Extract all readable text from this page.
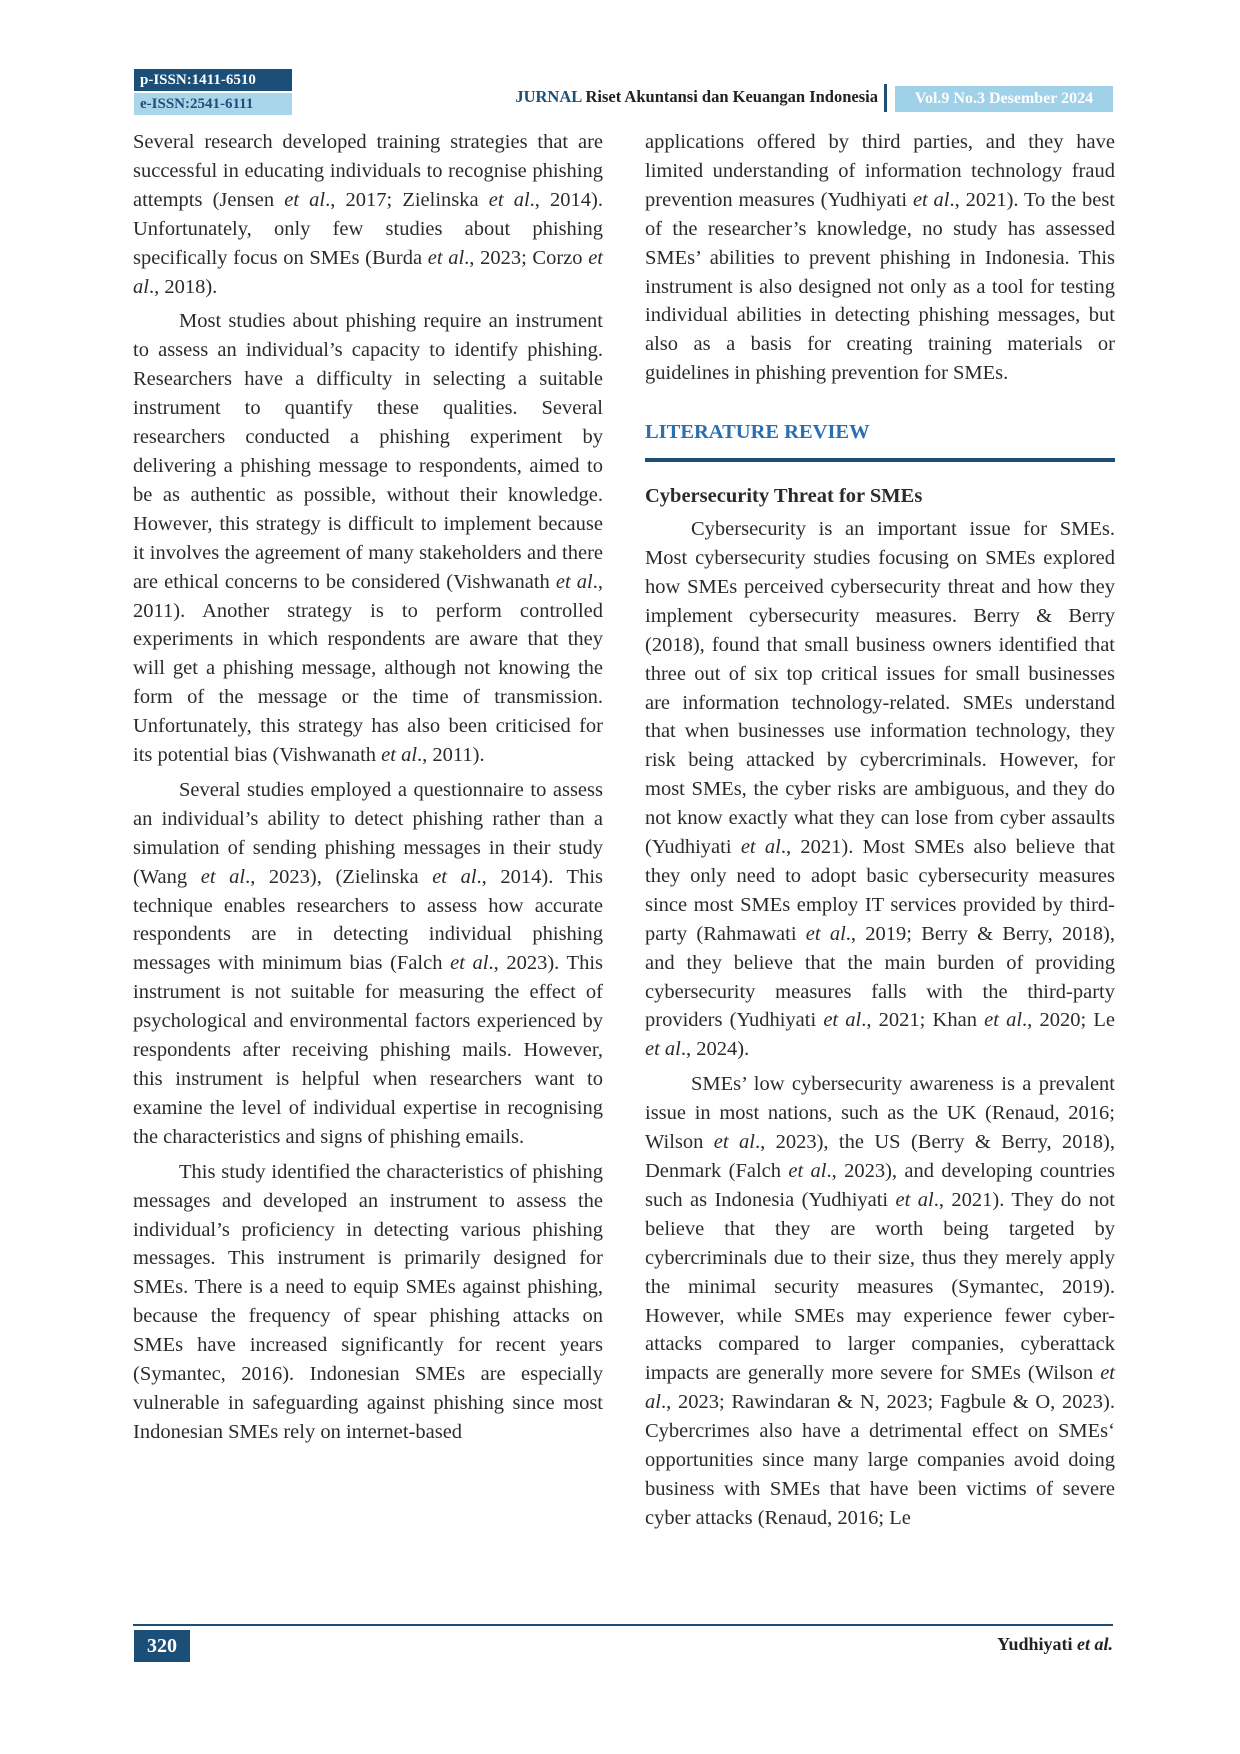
p-ISSN:1411-6510
e-ISSN:2541-6111	JURNAL Riset Akuntansi dan Keuangan Indonesia	Vol.9 No.3 Desember 2024

Several research developed training strategies that are successful in educating individuals to recognise phishing attempts (Jensen et al., 2017; Zielinska et al., 2014). Unfortunately, only few studies about phishing specifically focus on SMEs (Burda et al., 2023; Corzo et al., 2018).

Most studies about phishing require an instrument to assess an individual’s capacity to identify phishing. Researchers have a difficulty in selecting a suitable instrument to quantify these qualities. Several researchers conducted a phishing experiment by delivering a phishing message to respondents, aimed to be as authentic as possible, without their knowledge. However, this strategy is difficult to implement because it involves the agreement of many stakeholders and there are ethical concerns to be considered (Vishwanath et al., 2011). Another strategy is to perform controlled experiments in which respondents are aware that they will get a phishing message, although not knowing the form of the message or the time of transmission. Unfortunately, this strategy has also been criticised for its potential bias (Vishwanath et al., 2011).

Several studies employed a questionnaire to assess an individual’s ability to detect phishing rather than a simulation of sending phishing messages in their study (Wang et al., 2023), (Zielinska et al., 2014). This technique enables researchers to assess how accurate respondents are in detecting individual phishing messages with minimum bias (Falch et al., 2023). This instrument is not suitable for measuring the effect of psychological and environmental factors experienced by respondents after receiving phishing mails. However, this instrument is helpful when researchers want to examine the level of individual expertise in recognising the characteristics and signs of phishing emails.

This study identified the characteristics of phishing messages and developed an instrument to assess the individual’s proficiency in detecting various phishing messages. This instrument is primarily designed for SMEs. There is a need to equip SMEs against phishing, because the frequency of spear phishing attacks on SMEs have increased significantly for recent years (Symantec, 2016). Indonesian SMEs are especially vulnerable in safeguarding against phishing since most Indonesian SMEs rely on internet-based

applications offered by third parties, and they have limited understanding of information technology fraud prevention measures (Yudhiyati et al., 2021). To the best of the researcher’s knowledge, no study has assessed SMEs’ abilities to prevent phishing in Indonesia. This instrument is also designed not only as a tool for testing individual abilities in detecting phishing messages, but also as a basis for creating training materials or guidelines in phishing prevention for SMEs.

LITERATURE REVIEW
Cybersecurity Threat for SMEs

Cybersecurity is an important issue for SMEs. Most cybersecurity studies focusing on SMEs explored how SMEs perceived cybersecurity threat and how they implement cybersecurity measures. Berry & Berry (2018), found that small business owners identified that three out of six top critical issues for small businesses are information technology-related. SMEs understand that when businesses use information technology, they risk being attacked by cybercriminals. However, for most SMEs, the cyber risks are ambiguous, and they do not know exactly what they can lose from cyber assaults (Yudhiyati et al., 2021). Most SMEs also believe that they only need to adopt basic cybersecurity measures since most SMEs employ IT services provided by third-party (Rahmawati et al., 2019; Berry & Berry, 2018), and they believe that the main burden of providing cybersecurity measures falls with the third-party providers (Yudhiyati et al., 2021; Khan et al., 2020; Le et al., 2024).

SMEs’ low cybersecurity awareness is a prevalent issue in most nations, such as the UK (Renaud, 2016; Wilson et al., 2023), the US (Berry & Berry, 2018), Denmark (Falch et al., 2023), and developing countries such as Indonesia (Yudhiyati et al., 2021). They do not believe that they are worth being targeted by cybercriminals due to their size, thus they merely apply the minimal security measures (Symantec, 2019). However, while SMEs may experience fewer cyber-attacks compared to larger companies, cyberattack impacts are generally more severe for SMEs (Wilson et al., 2023; Rawindaran & N, 2023; Fagbule & O, 2023). Cybercrimes also have a detrimental effect on SMEs‘ opportunities since many large companies avoid doing business with SMEs that have been victims of severe cyber attacks (Renaud, 2016; Le

320	Yudhiyati et al.
